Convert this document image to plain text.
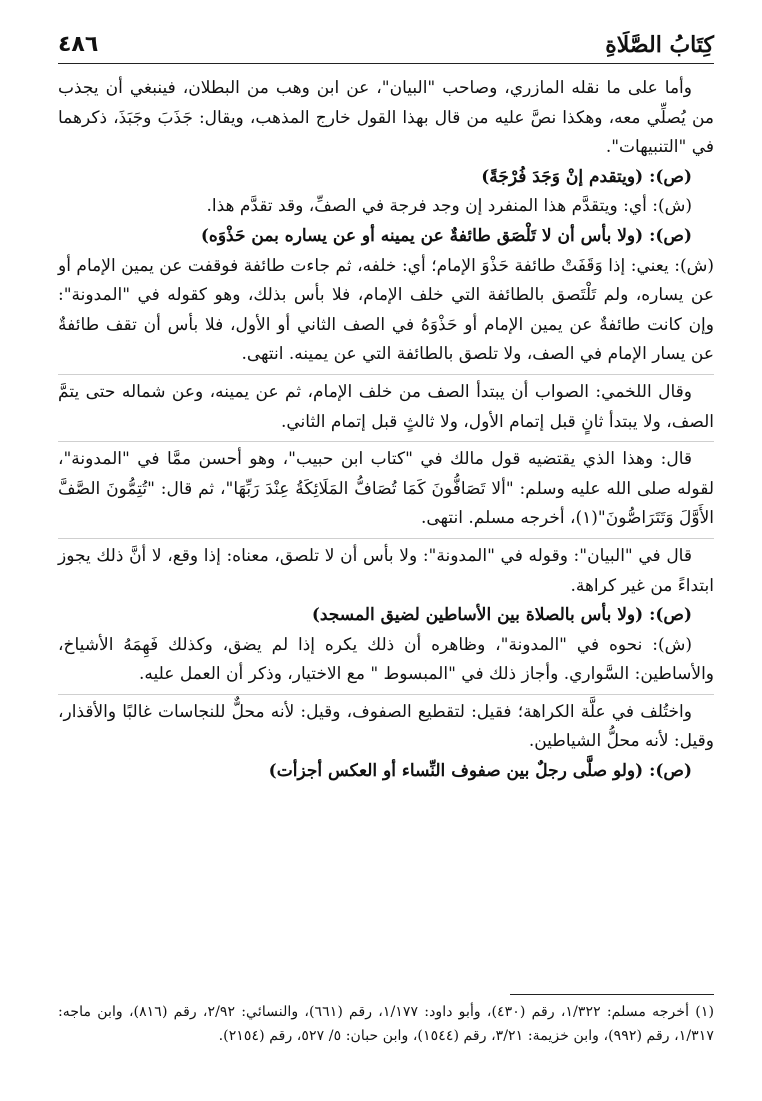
كِتَابُ الصَّلَاةِ
٤٨٦

وأما على ما نقله المازري، وصاحب "البيان"، عن ابن وهب من البطلان، فينبغي أن يجذب من يُصلِّي معه، وهكذا نصَّ عليه من قال بهذا القول خارج المذهب، ويقال: جَذَبَ وجَبَذَ، ذكرهما في "التنبيهات".

(ص): (ويتقدم إنْ وَجَدَ فُرْجَةً)

(ش): أي: ويتقدَّم هذا المنفرد إن وجد فرجة في الصفِّ، وقد تقدَّم هذا.

(ص): (ولا بأس أن لا تَلْصَق طائفةٌ عن يمينه أو عن يساره بمن حَذْوَه)

(ش): يعني: إذا وَقَفَتْ طائفة حَذْوَ الإمام؛ أي: خلفه، ثم جاءت طائفة فوقفت عن يمين الإمام أو عن يساره، ولم تَلْتَصق بالطائفة التي خلف الإمام، فلا بأس بذلك، وهو كقوله في "المدونة": وإن كانت طائفةٌ عن يمين الإمام أو حَذْوَهُ في الصف الثاني أو الأول، فلا بأس أن تقف طائفةٌ عن يسار الإمام في الصف، ولا تلصق بالطائفة التي عن يمينه. انتهى.

وقال اللخمي: الصواب أن يبتدأ الصف من خلف الإمام، ثم عن يمينه، وعن شماله حتى يتمَّ الصف، ولا يبتدأ ثانٍ قبل إتمام الأول، ولا ثالثٍ قبل إتمام الثاني.

قال: وهذا الذي يقتضيه قول مالك في "كتاب ابن حبيب"، وهو أحسن ممَّا في "المدونة"، لقوله صلى الله عليه وسلم: "ألا تَصَافُّونَ كَمَا تُصَافُّ المَلَائِكَةُ عِنْدَ رَبِّهَا"، ثم قال: "تُتِمُّونَ الصَّفَّ الأَوَّلَ وَتَتَرَاصُّونَ"(١)، أخرجه مسلم. انتهى.

قال في "البيان": وقوله في "المدونة": ولا بأس أن لا تلصق، معناه: إذا وقع، لا أنَّ ذلك يجوز ابتداءً من غير كراهة.

(ص): (ولا بأس بالصلاة بين الأساطين لضيق المسجد)

(ش): نحوه في "المدونة"، وظاهره أن ذلك يكره إذا لم يضق، وكذلك فَهِمَهُ الأشياخ، والأساطين: السَّواري. وأجاز ذلك في "المبسوط " مع الاختيار، وذكر أن العمل عليه.

واختُلف في علَّة الكراهة؛ فقيل: لتقطيع الصفوف، وقيل: لأنه محلٌّ للنجاسات غالبًا والأقذار، وقيل: لأنه محلُّ الشياطين.

(ص): (ولو صلَّى رجلٌ بين صفوف النِّساء أو العكس أجزأت)

(١) أخرجه مسلم: ١/٣٢٢، رقم (٤٣٠)، وأبو داود: ١/١٧٧، رقم (٦٦١)، والنسائي: ٢/٩٢، رقم (٨١٦)، وابن ماجه: ١/٣١٧، رقم (٩٩٢)، وابن خزيمة: ٣/٢١، رقم (١٥٤٤)، وابن حبان: ٥/ ٥٢٧، رقم (٢١٥٤).
